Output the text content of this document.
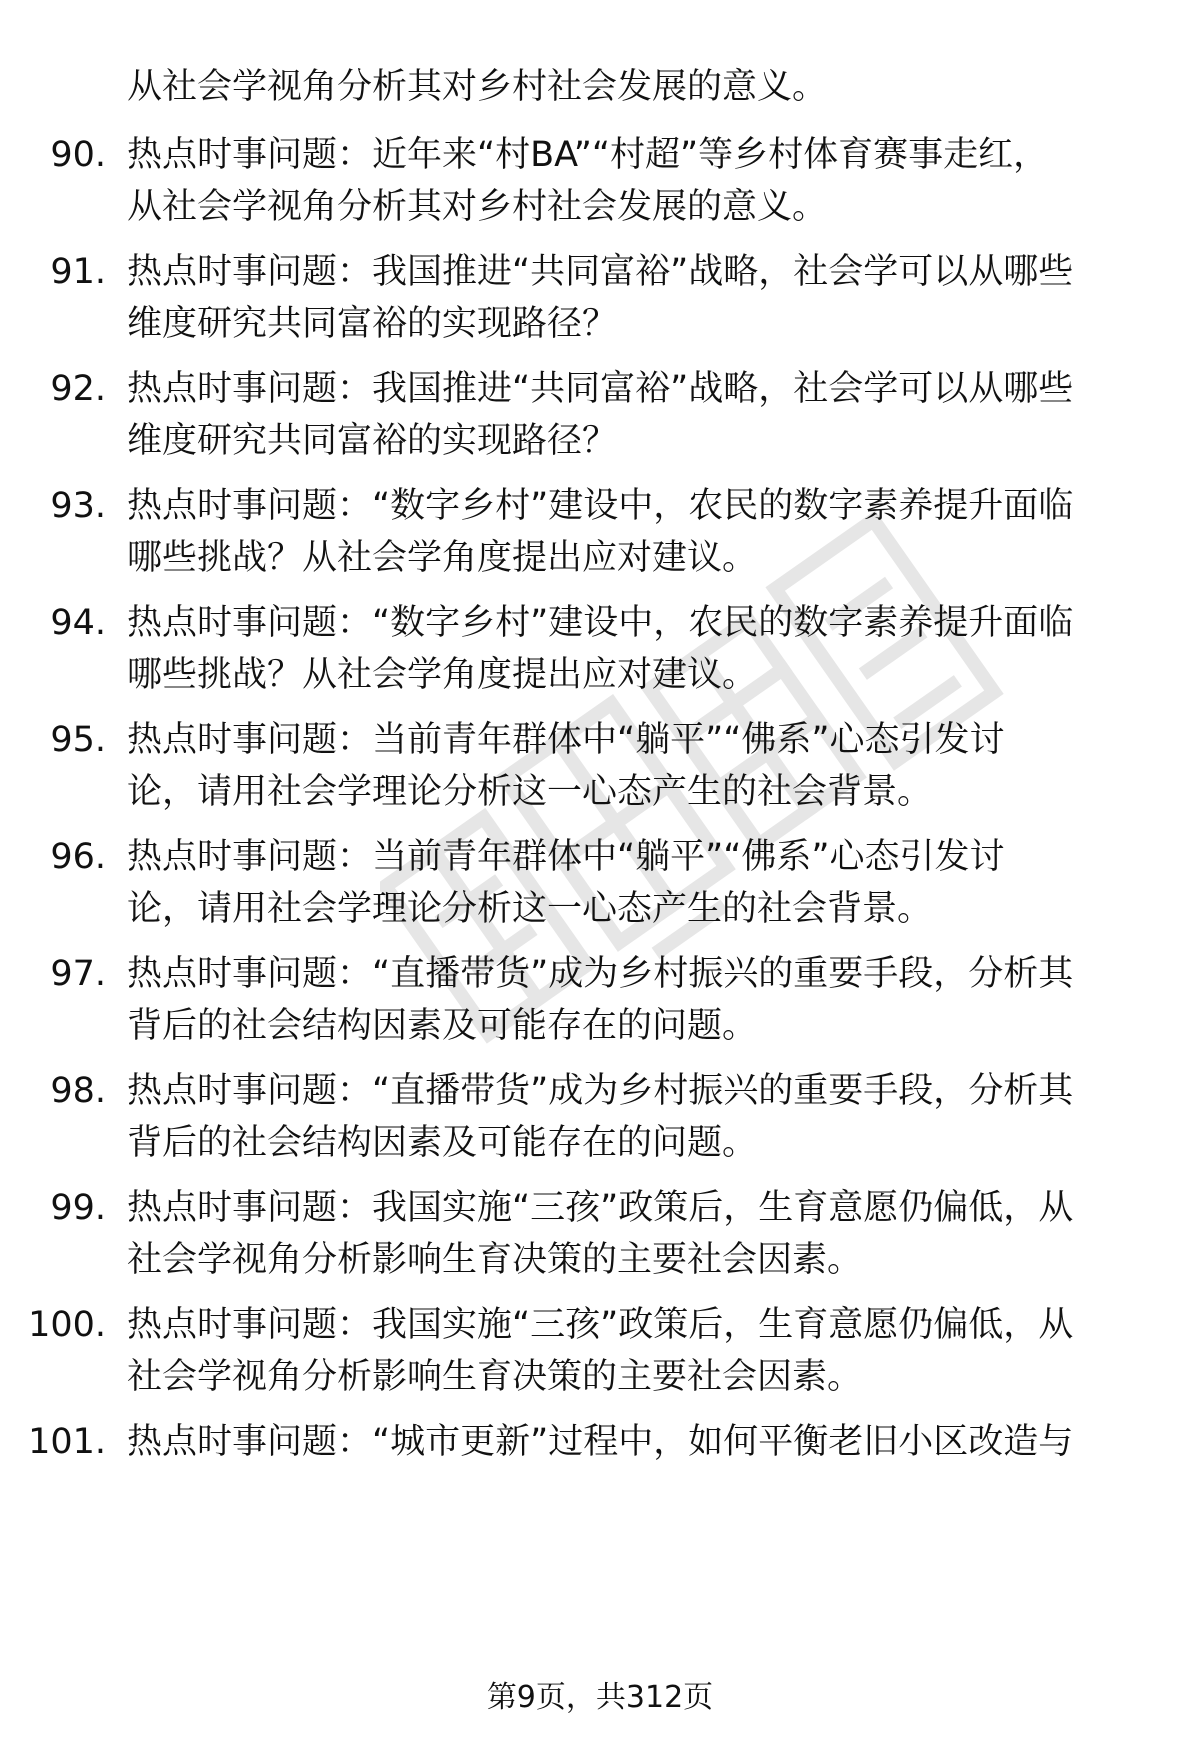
从社会学视角分析其对乡村社会发展的意义。
90. 热点时事问题：近年来“村BA”“村超”等乡村体育赛事走红，
从社会学视角分析其对乡村社会发展的意义。
91. 热点时事问题：我国推进“共同富裕”战略，社会学可以从哪些
维度研究共同富裕的实现路径？
92. 热点时事问题：我国推进“共同富裕”战略，社会学可以从哪些
维度研究共同富裕的实现路径？
93. 热点时事问题：“数字乡村”建设中，农民的数字素养提升面临
哪些挑战？从社会学角度提出应对建议。
94. 热点时事问题：“数字乡村”建设中，农民的数字素养提升面临
哪些挑战？从社会学角度提出应对建议。
95. 热点时事问题：当前青年群体中“躺平”“佛系”心态引发讨
论，请用社会学理论分析这一心态产生的社会背景。
96. 热点时事问题：当前青年群体中“躺平”“佛系”心态引发讨
论，请用社会学理论分析这一心态产生的社会背景。
97. 热点时事问题：“直播带货”成为乡村振兴的重要手段，分析其
背后的社会结构因素及可能存在的问题。
98. 热点时事问题：“直播带货”成为乡村振兴的重要手段，分析其
背后的社会结构因素及可能存在的问题。
99. 热点时事问题：我国实施“三孩”政策后，生育意愿仍偏低，从
社会学视角分析影响生育决策的主要社会因素。
100. 热点时事问题：我国实施“三孩”政策后，生育意愿仍偏低，从
社会学视角分析影响生育决策的主要社会因素。
101. 热点时事问题：“城市更新”过程中，如何平衡老旧小区改造与
第9页，共312页
